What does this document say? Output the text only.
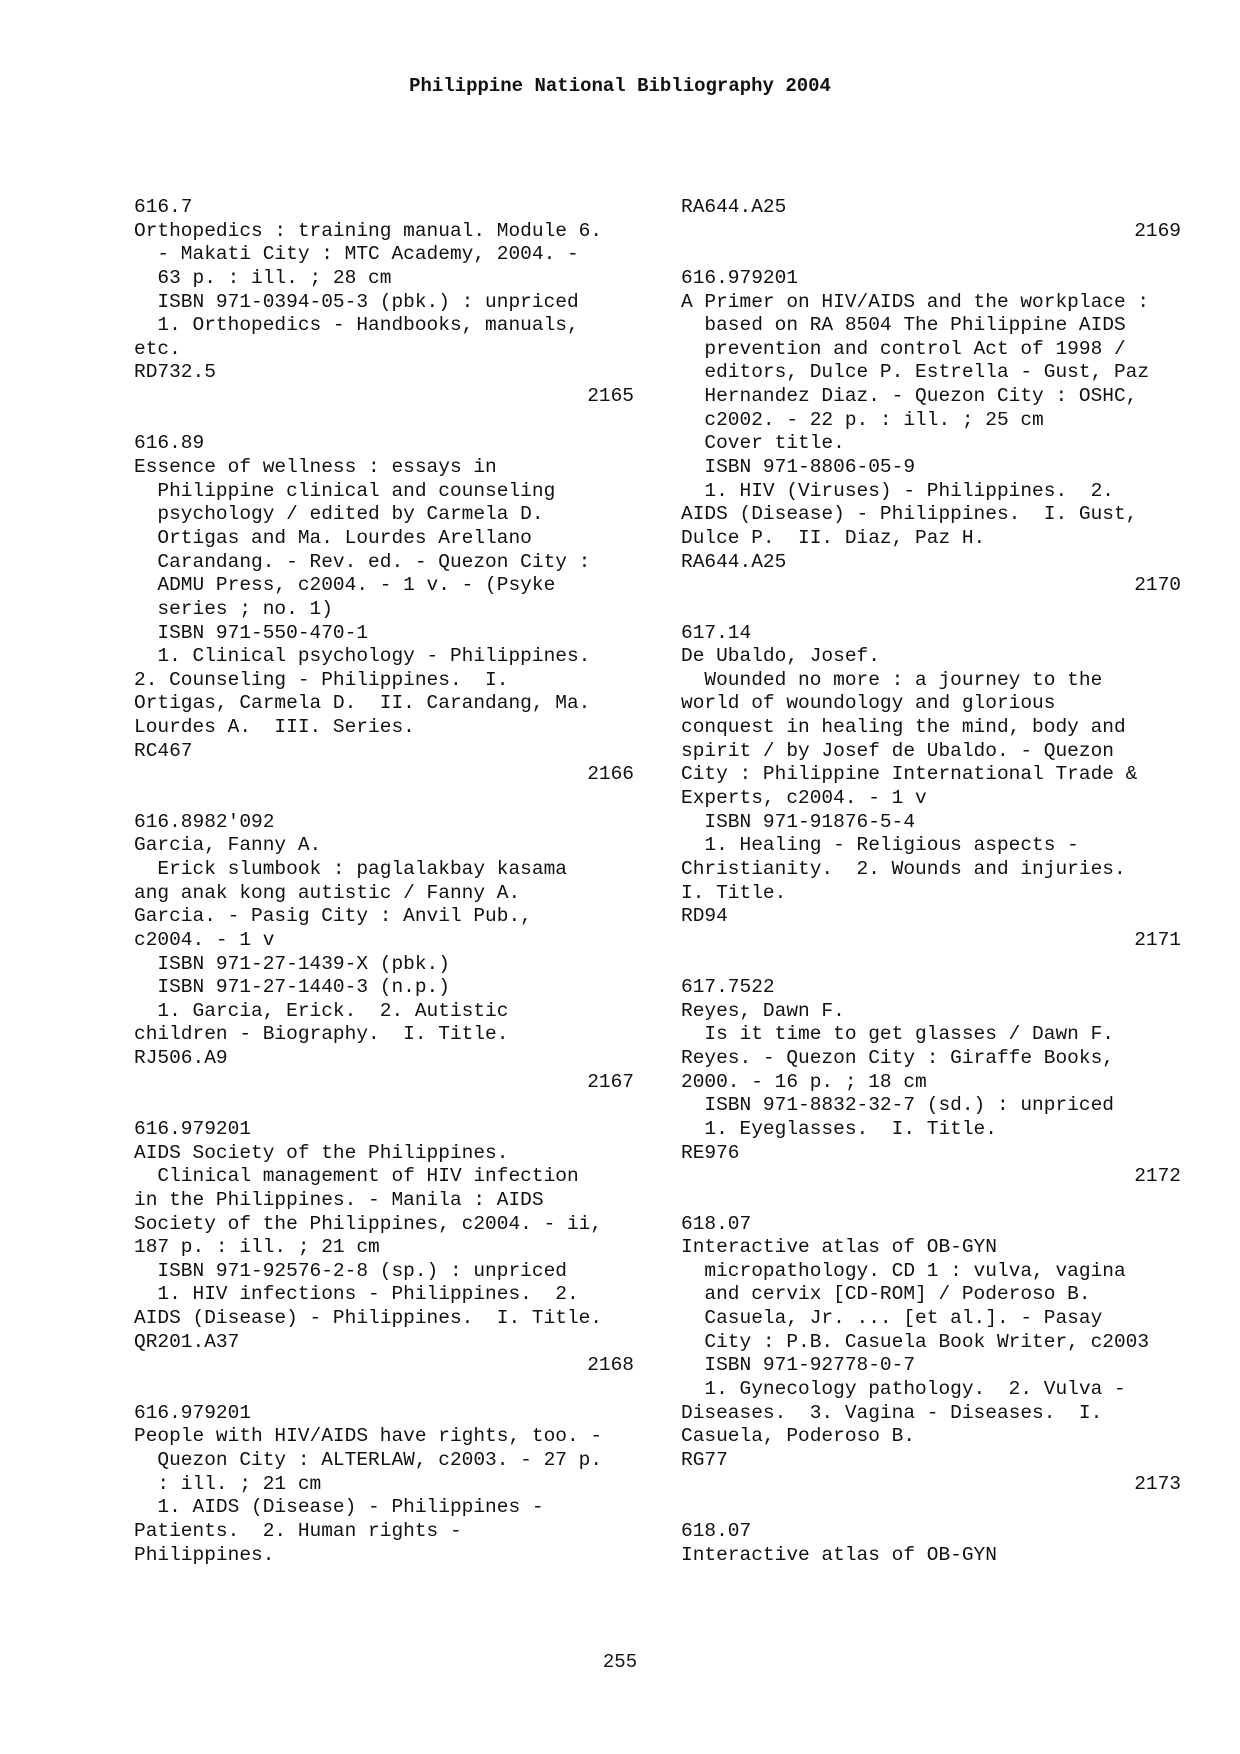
Philippine National Bibliography 2004
616.7
Orthopedics : training manual. Module 6.
- Makati City : MTC Academy, 2004. -
63 p. : ill. ; 28 cm
ISBN 971-0394-05-3 (pbk.) : unpriced
1. Orthopedics - Handbooks, manuals,
etc.
RD732.5
2165
616.89
Essence of wellness : essays in
Philippine clinical and counseling
psychology / edited by Carmela D.
Ortigas and Ma. Lourdes Arellano
Carandang. - Rev. ed. - Quezon City :
ADMU Press, c2004. - 1 v. - (Psyke
series ; no. 1)
ISBN 971-550-470-1
1. Clinical psychology - Philippines.
2. Counseling - Philippines.  I.
Ortigas, Carmela D.  II. Carandang, Ma.
Lourdes A.  III. Series.
RC467
2166
616.8982'092
Garcia, Fanny A.
Erick slumbook : paglalakbay kasama
ang anak kong autistic / Fanny A.
Garcia. - Pasig City : Anvil Pub.,
c2004. - 1 v
ISBN 971-27-1439-X (pbk.)
ISBN 971-27-1440-3 (n.p.)
1. Garcia, Erick.  2. Autistic
children - Biography.  I. Title.
RJ506.A9
2167
616.979201
AIDS Society of the Philippines.
Clinical management of HIV infection
in the Philippines. - Manila : AIDS
Society of the Philippines, c2004. - ii,
187 p. : ill. ; 21 cm
ISBN 971-92576-2-8 (sp.) : unpriced
1. HIV infections - Philippines.  2.
AIDS (Disease) - Philippines.  I. Title.
QR201.A37
2168
616.979201
People with HIV/AIDS have rights, too. -
Quezon City : ALTERLAW, c2003. - 27 p.
: ill. ; 21 cm
1. AIDS (Disease) - Philippines -
Patients.  2. Human rights -
Philippines.
RA644.A25
2169
616.979201
A Primer on HIV/AIDS and the workplace :
based on RA 8504 The Philippine AIDS
prevention and control Act of 1998 /
editors, Dulce P. Estrella - Gust, Paz
Hernandez Diaz. - Quezon City : OSHC,
c2002. - 22 p. : ill. ; 25 cm
Cover title.
ISBN 971-8806-05-9
1. HIV (Viruses) - Philippines.  2.
AIDS (Disease) - Philippines.  I. Gust,
Dulce P.  II. Diaz, Paz H.
RA644.A25
2170
617.14
De Ubaldo, Josef.
Wounded no more : a journey to the
world of woundology and glorious
conquest in healing the mind, body and
spirit / by Josef de Ubaldo. - Quezon
City : Philippine International Trade &
Experts, c2004. - 1 v
ISBN 971-91876-5-4
1. Healing - Religious aspects -
Christianity.  2. Wounds and injuries.
I. Title.
RD94
2171
617.7522
Reyes, Dawn F.
Is it time to get glasses / Dawn F.
Reyes. - Quezon City : Giraffe Books,
2000. - 16 p. ; 18 cm
ISBN 971-8832-32-7 (sd.) : unpriced
1. Eyeglasses.  I. Title.
RE976
2172
618.07
Interactive atlas of OB-GYN
micropathology. CD 1 : vulva, vagina
and cervix [CD-ROM] / Poderoso B.
Casuela, Jr. ... [et al.]. - Pasay
City : P.B. Casuela Book Writer, c2003
ISBN 971-92778-0-7
1. Gynecology pathology.  2. Vulva -
Diseases.  3. Vagina - Diseases.  I.
Casuela, Poderoso B.
RG77
2173
618.07
Interactive atlas of OB-GYN
255
